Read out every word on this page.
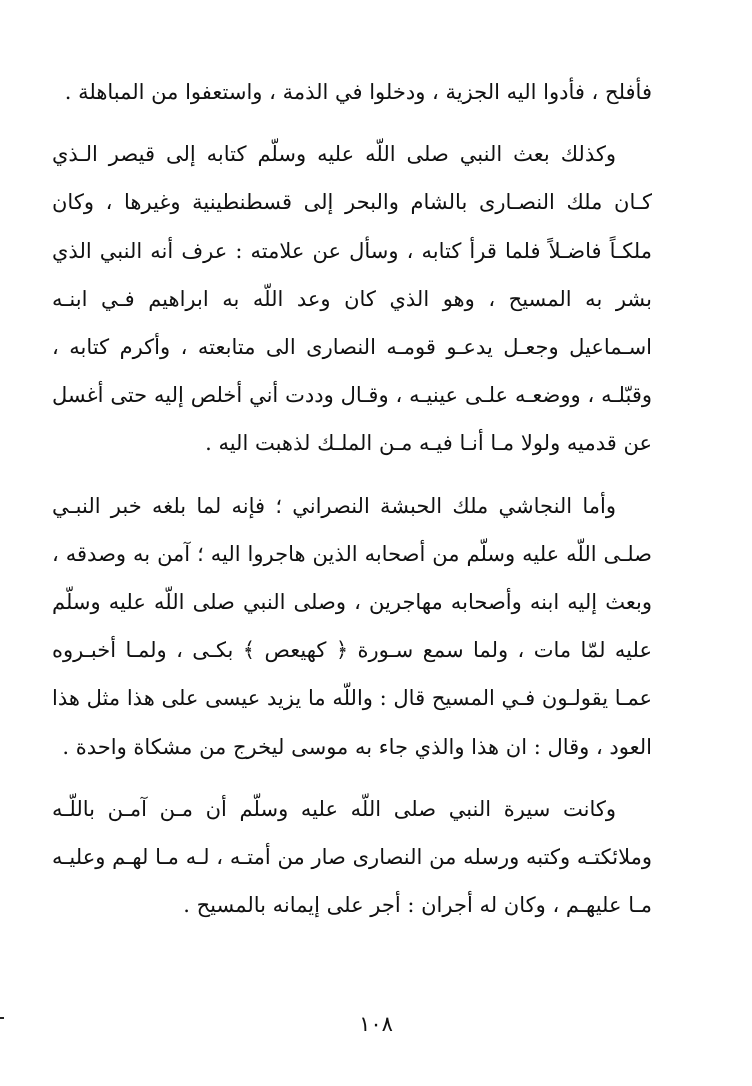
فأفلح ، فأدوا اليه الجزية ، ودخلوا في الذمة ، واستعفوا من المباهلة .

وكذلك بعث النبي صلى اللّه عليه وسلّم كتابه إلى قيصر الـذي كـان ملك النصـارى بالشام والبحر إلى قسطنطينية وغيرها ، وكان ملكـاً فاضـلاً فلما قرأ كتابه ، وسأل عن علامته : عرف أنه النبي الذي بشر به المسيح ، وهو الذي كان وعد اللّه به ابراهيم فـي ابنـه اسـماعيل وجعـل يدعـو قومـه النصارى الى متابعته ، وأكرم كتابه ، وقبّلـه ، ووضعـه علـى عينيـه ، وقـال وددت أني أخلص إليه حتى أغسل عن قدميه ولولا مـا أنـا فيـه مـن الملـك لذهبت اليه .

وأما النجاشي ملك الحبشة النصراني ؛ فإنه لما بلغه خبر النبـي صلـى اللّه عليه وسلّم من أصحابه الذين هاجروا اليه ؛ آمن به وصدقه ، وبعث إليه ابنه وأصحابه مهاجرين ، وصلى النبي صلى اللّه عليه وسلّم عليه لمّا مات ، ولما سمع سـورة ﴿ كهيعص ﴾ بكـى ، ولمـا أخبـروه عمـا يقولـون فـي المسيح قال : واللّه ما يزيد عيسى على هذا مثل هذا العود ، وقال : ان هذا والذي جاء به موسى ليخرج من مشكاة واحدة .

وكانت سيرة النبي صلى اللّه عليه وسلّم أن مـن آمـن باللّـه وملائكتـه وكتبه ورسله من النصارى صار من أمتـه ، لـه مـا لهـم وعليـه مـا عليهـم ، وكان له أجران : أجر على إيمانه بالمسيح .

١٠٨
